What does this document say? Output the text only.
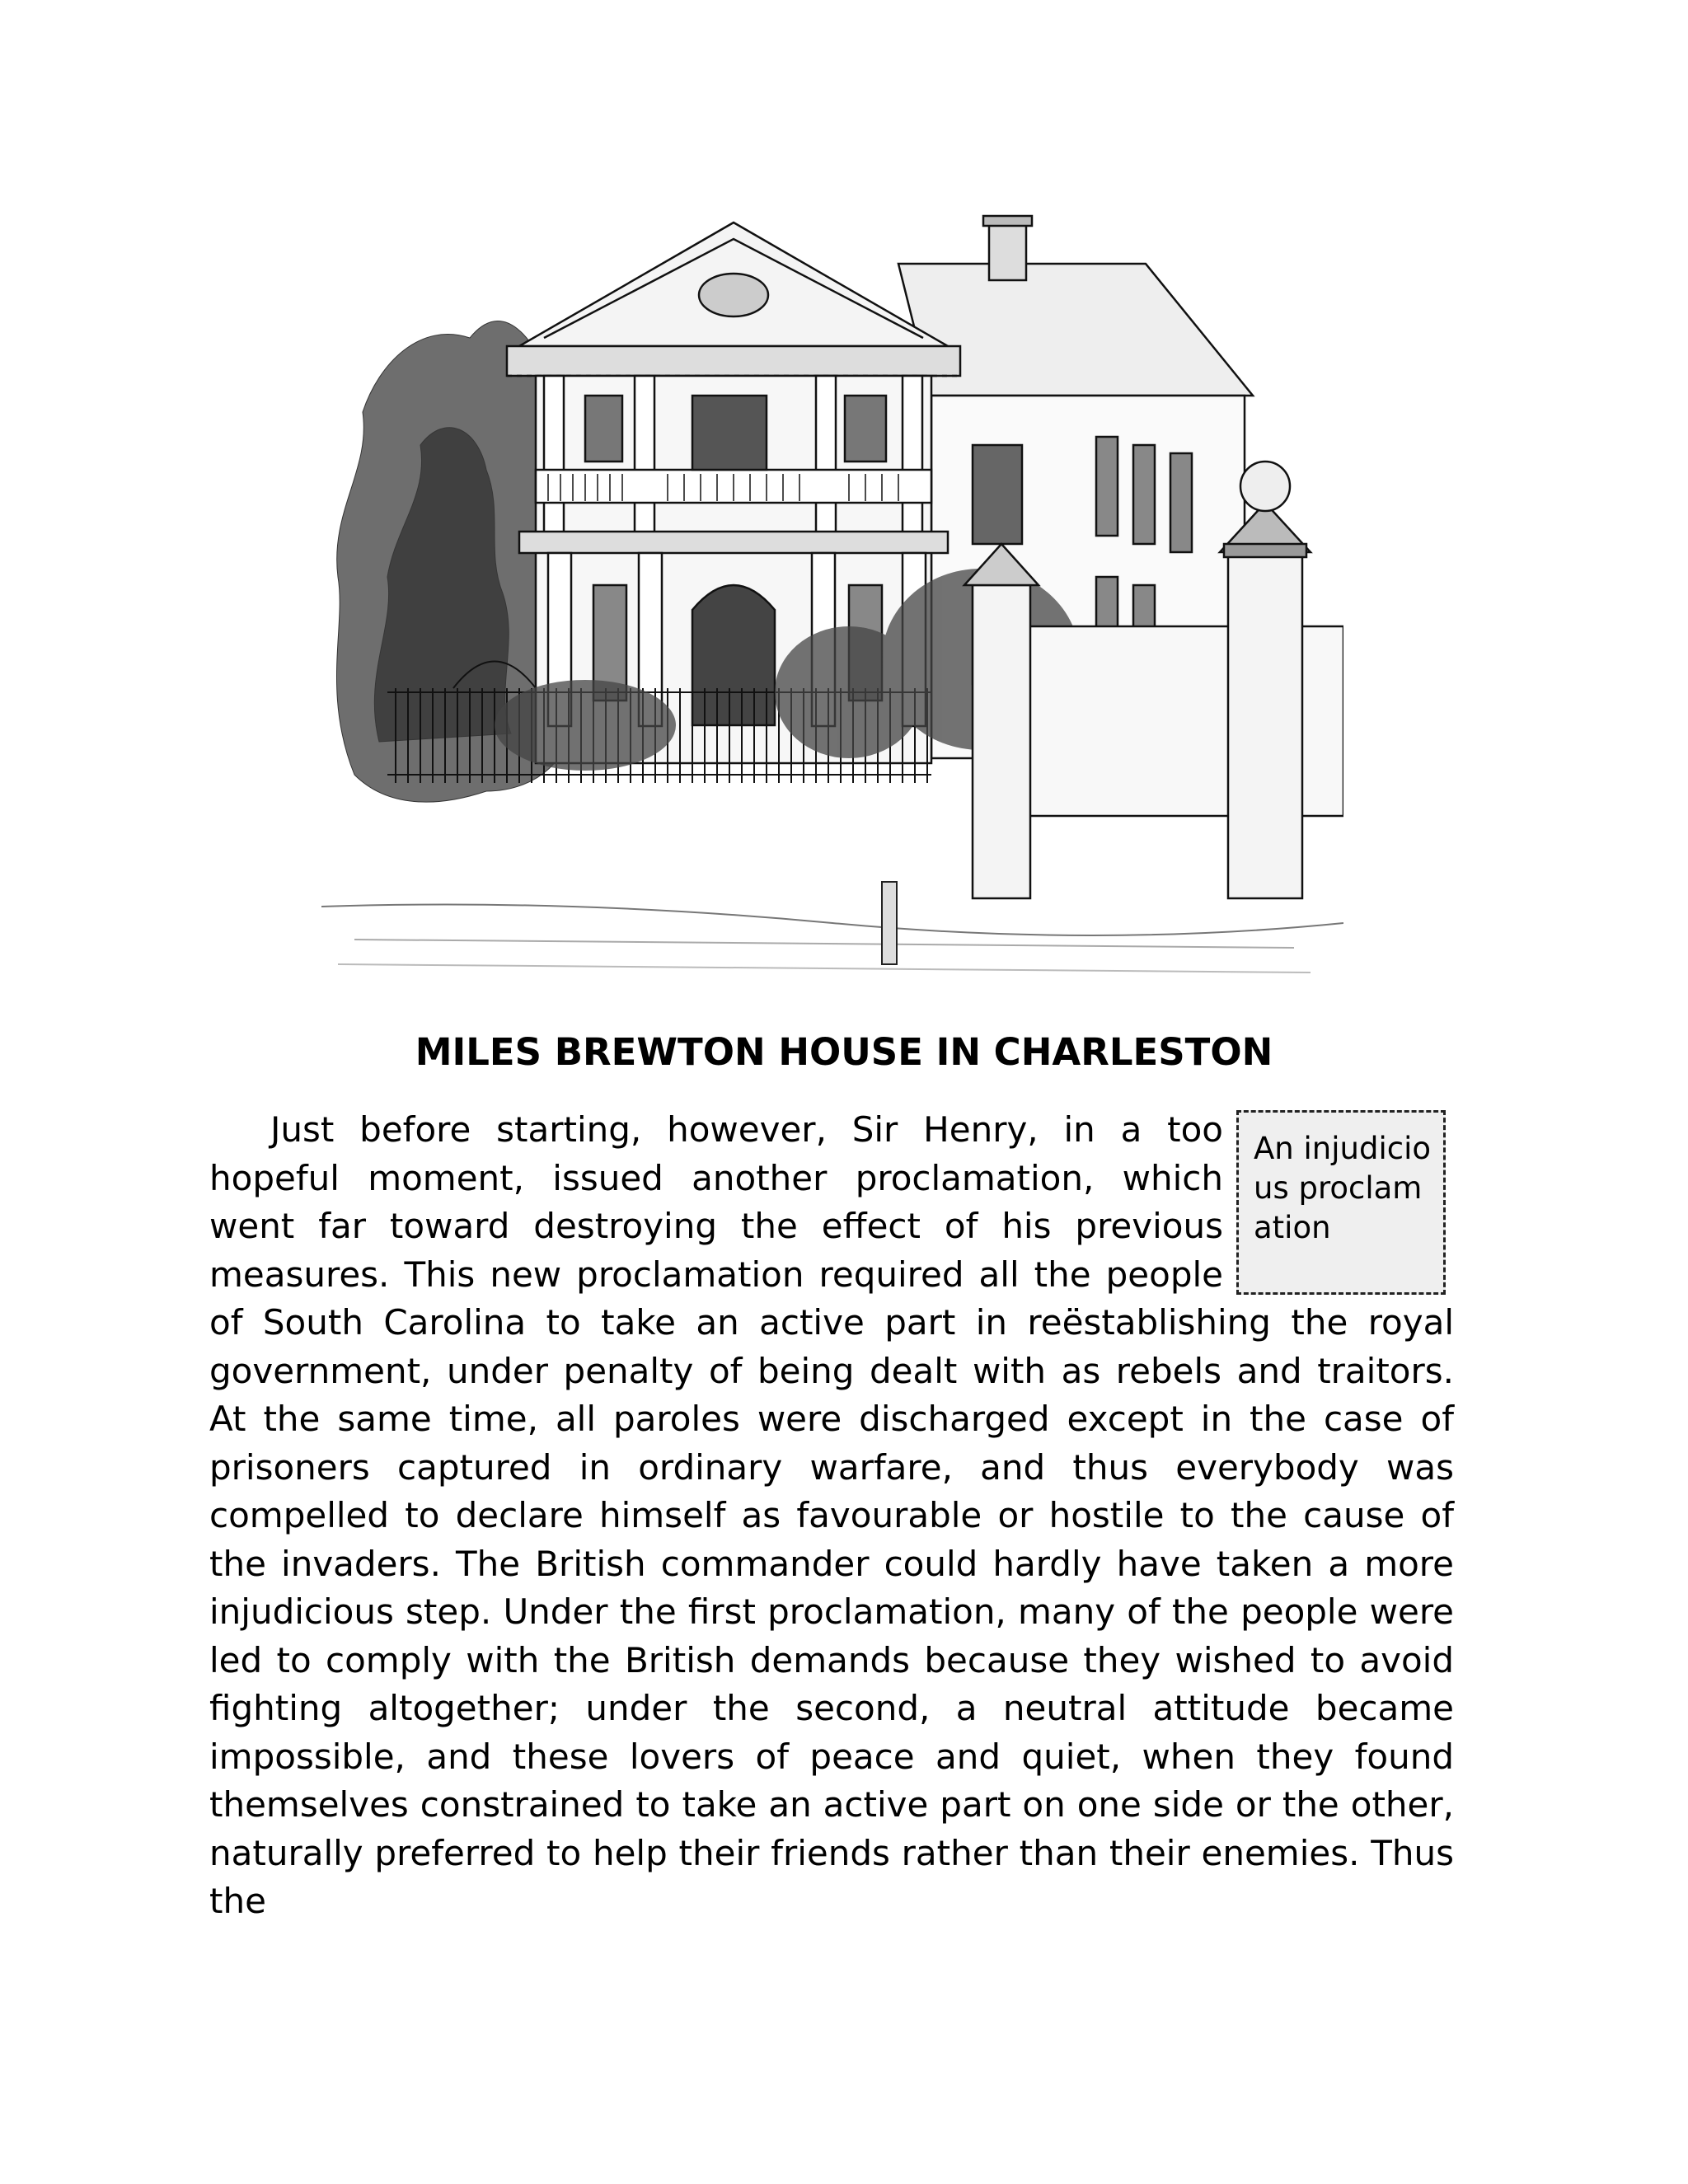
MILES BREWTON HOUSE IN CHARLESTON
An injudicious proclamation

Just before starting, however, Sir Henry, in a too hopeful moment, issued another proclamation, which went far toward destroying the effect of his previous measures. This new proclamation required all the people of South Carolina to take an active part in reëstablishing the royal government, under penalty of being dealt with as rebels and traitors. At the same time, all paroles were discharged except in the case of prisoners captured in ordinary warfare, and thus everybody was compelled to declare himself as favourable or hostile to the cause of the invaders. The British commander could hardly have taken a more injudicious step. Under the first proclamation, many of the people were led to comply with the British demands because they wished to avoid fighting altogether; under the second, a neutral attitude became impossible, and these lovers of peace and quiet, when they found themselves constrained to take an active part on one side or the other, naturally preferred to help their friends rather than their enemies. Thus the
